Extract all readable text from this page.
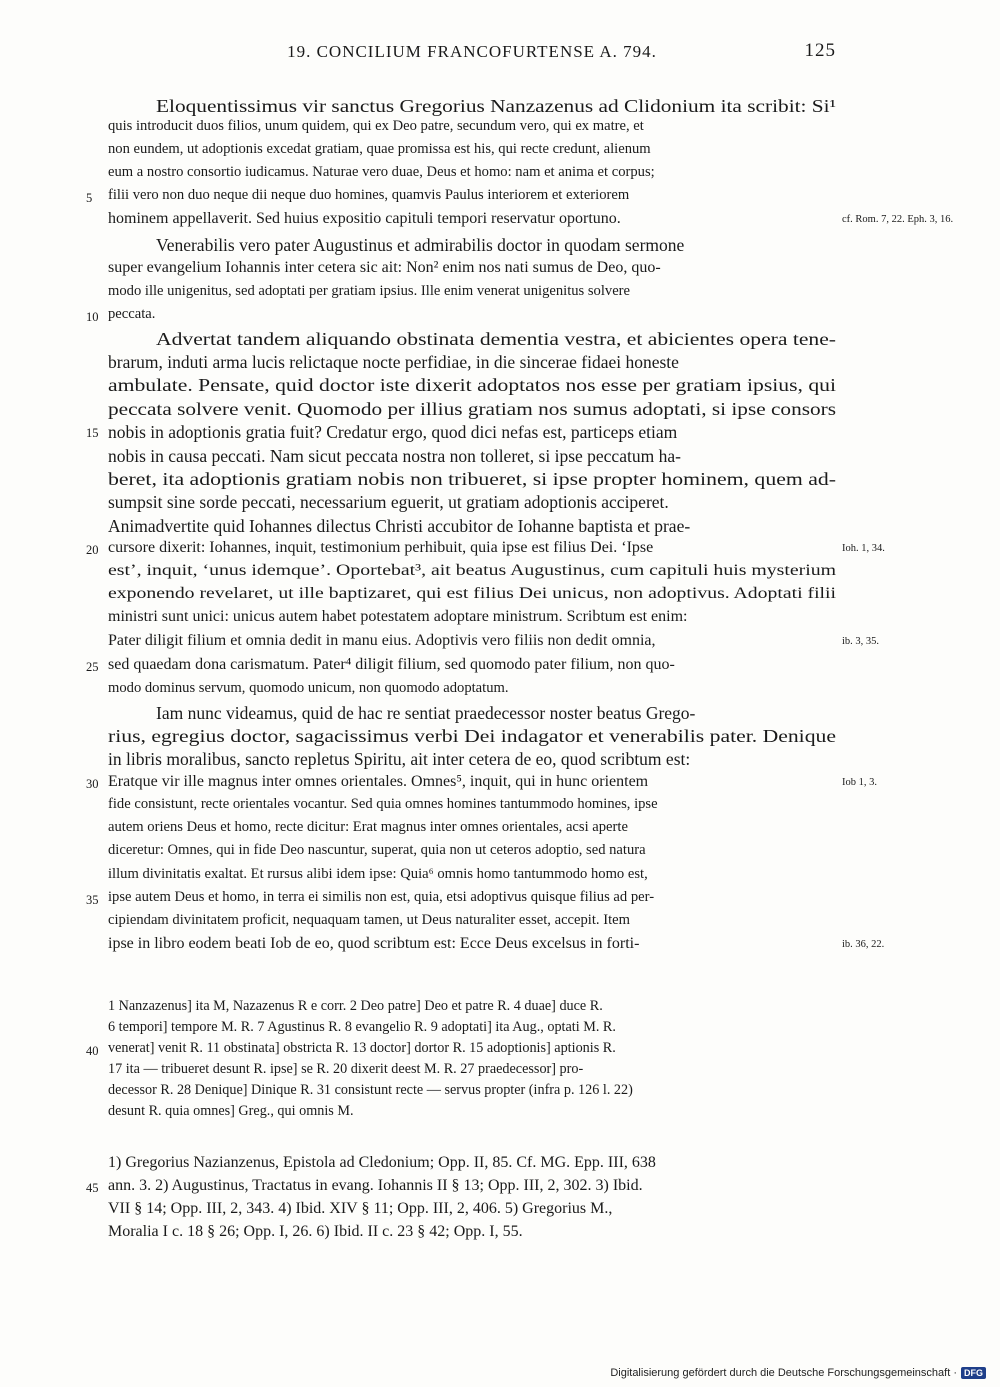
19. CONCILIUM FRANCOFURTENSE A. 794.	125
Eloquentissimus vir sanctus Gregorius Nanzazenus ad Clidonium ita scribit: Si¹
quis introducit duos filios, unum quidem, qui ex Deo patre, secundum vero, qui ex matre, et
non eundem, ut adoptionis excedat gratiam, quae promissa est his, qui recte credunt, alienum
eum a nostro consortio iudicamus. Naturae vero duae, Deus et homo: nam et anima et corpus;
filii vero non duo neque dii neque duo homines, quamvis Paulus interiorem et exteriorem
5
hominem appellaverit. Sed huius expositio capituli tempori reservatur oportuno.	cf. Rom. 7, 22. Eph. 3, 16.
Venerabilis vero pater Augustinus et admirabilis doctor in quodam sermone
super evangelium Iohannis inter cetera sic ait: Non² enim nos nati sumus de Deo, quo-
modo ille unigenitus, sed adoptati per gratiam ipsius. Ille enim venerat unigenitus solvere
peccata.
10
Advertat tandem aliquando obstinata dementia vestra, et abicientes opera tene-
brarum, induti arma lucis relictaque nocte perfidiae, in die sincerae fidaei honeste
ambulate. Pensate, quid doctor iste dixerit adoptatos nos esse per gratiam ipsius, qui
peccata solvere venit. Quomodo per illius gratiam nos sumus adoptati, si ipse consors
nobis in adoptionis gratia fuit? Credatur ergo, quod dici nefas est, particeps etiam
15
nobis in causa peccati. Nam sicut peccata nostra non tolleret, si ipse peccatum ha-
beret, ita adoptionis gratiam nobis non tribueret, si ipse propter hominem, quem ad-
sumpsit sine sorde peccati, necessarium eguerit, ut gratiam adoptionis acciperet.
Animadvertite quid Iohannes dilectus Christi accubitor de Iohanne baptista et prae-
cursore dixerit: Iohannes, inquit, testimonium perhibuit, quia ipse est filius Dei. ‘Ipse
20	Ioh. 1, 34.
est’, inquit, ‘unus idemque’. Oportebat³, ait beatus Augustinus, cum capituli huis mysterium
exponendo revelaret, ut ille baptizaret, qui est filius Dei unicus, non adoptivus. Adoptati filii
ministri sunt unici: unicus autem habet potestatem adoptare ministrum. Scribtum est enim:
Pater diligit filium et omnia dedit in manu eius. Adoptivis vero filiis non dedit omnia,	ib. 3, 35.
sed quaedam dona carismatum. Pater⁴ diligit filium, sed quomodo pater filium, non quo-
25
modo dominus servum, quomodo unicum, non quomodo adoptatum.
Iam nunc videamus, quid de hac re sentiat praedecessor noster beatus Grego-
rius, egregius doctor, sagacissimus verbi Dei indagator et venerabilis pater. Denique
in libris moralibus, sancto repletus Spiritu, ait inter cetera de eo, quod scribtum est:
Eratque vir ille magnus inter omnes orientales. Omnes⁵, inquit, qui in hunc orientem
30	Iob 1, 3.
fide consistunt, recte orientales vocantur. Sed quia omnes homines tantummodo homines, ipse
autem oriens Deus et homo, recte dicitur: Erat magnus inter omnes orientales, acsi aperte
diceretur: Omnes, qui in fide Deo nascuntur, superat, quia non ut ceteros adoptio, sed natura
illum divinitatis exaltat. Et rursus alibi idem ipse: Quia⁶ omnis homo tantummodo homo est,
ipse autem Deus et homo, in terra ei similis non est, quia, etsi adoptivus quisque filius ad per-
35
cipiendam divinitatem proficit, nequaquam tamen, ut Deus naturaliter esset, accepit. Item
ipse in libro eodem beati Iob de eo, quod scribtum est: Ecce Deus excelsus in forti-	ib. 36, 22.
1 Nanzazenus] ita M, Nazazenus R e corr. 2 Deo patre] Deo et patre R. 4 duae] duce R.
6 tempori] tempore M. R. 7 Agustinus R. 8 evangelio R. 9 adoptati] ita Aug., optati M. R.
venerat] venit R. 11 obstinata] obstricta R. 13 doctor] dortor R. 15 adoptionis] aptionis R.
40
17 ita — tribueret desunt R. ipse] se R. 20 dixerit deest M. R. 27 praedecessor] pro-
decessor R. 28 Denique] Dinique R. 31 consistunt recte — servus propter (infra p. 126 l. 22)
desunt R. quia omnes] Greg., qui omnis M.
1) Gregorius Nazianzenus, Epistola ad Cledonium; Opp. II, 85. Cf. MG. Epp. III, 638
ann. 3. 2) Augustinus, Tractatus in evang. Iohannis II § 13; Opp. III, 2, 302. 3) Ibid.
45
VII § 14; Opp. III, 2, 343. 4) Ibid. XIV § 11; Opp. III, 2, 406. 5) Gregorius M.,
Moralia I c. 18 § 26; Opp. I, 26. 6) Ibid. II c. 23 § 42; Opp. I, 55.
Digitalisierung gefördert durch die Deutsche Forschungsgemeinschaft · DFG
